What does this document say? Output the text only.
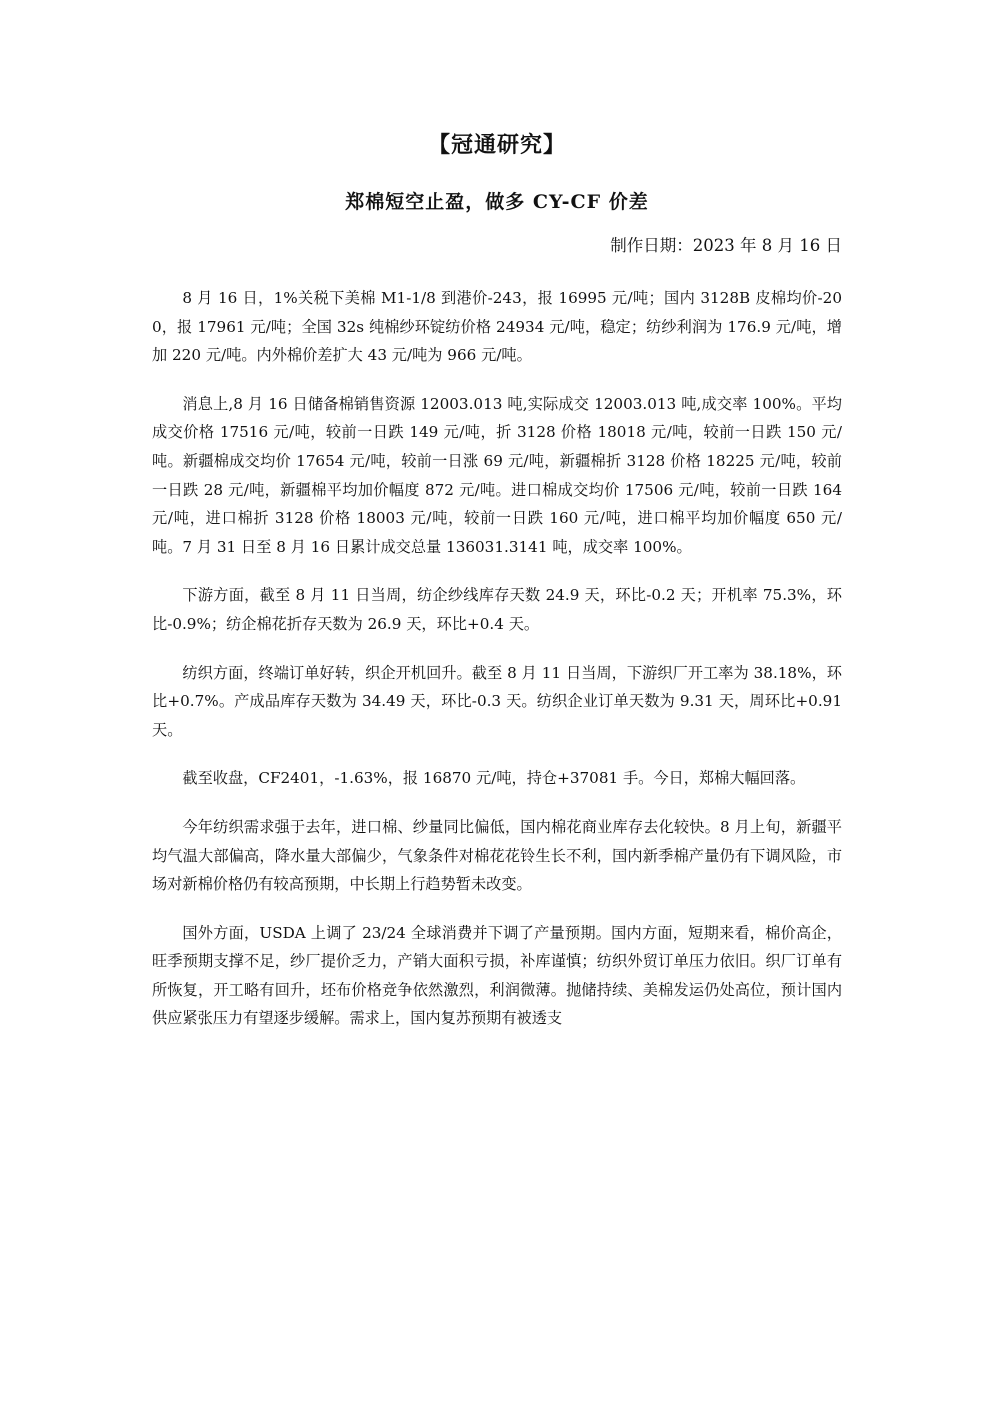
【冠通研究】
郑棉短空止盈，做多 CY-CF 价差
制作日期：2023 年 8 月 16 日

8 月 16 日，1%关税下美棉 M1-1/8 到港价-243，报 16995 元/吨；国内 3128B 皮棉均价-200，报 17961 元/吨；全国 32s 纯棉纱环锭纺价格 24934 元/吨，稳定；纺纱利润为 176.9 元/吨，增加 220 元/吨。内外棉价差扩大 43 元/吨为 966 元/吨。

消息上,8 月 16 日储备棉销售资源 12003.013 吨,实际成交 12003.013 吨,成交率 100%。平均成交价格 17516 元/吨，较前一日跌 149 元/吨，折 3128 价格 18018 元/吨，较前一日跌 150 元/吨。新疆棉成交均价 17654 元/吨，较前一日涨 69 元/吨，新疆棉折 3128 价格 18225 元/吨，较前一日跌 28 元/吨，新疆棉平均加价幅度 872 元/吨。进口棉成交均价 17506 元/吨，较前一日跌 164 元/吨，进口棉折 3128 价格 18003 元/吨，较前一日跌 160 元/吨，进口棉平均加价幅度 650 元/吨。7 月 31 日至 8 月 16 日累计成交总量 136031.3141 吨，成交率 100%。

下游方面，截至 8 月 11 日当周，纺企纱线库存天数 24.9 天，环比-0.2 天；开机率 75.3%，环比-0.9%；纺企棉花折存天数为 26.9 天，环比+0.4 天。

纺织方面，终端订单好转，织企开机回升。截至 8 月 11 日当周，下游织厂开工率为 38.18%，环比+0.7%。产成品库存天数为 34.49 天，环比-0.3 天。纺织企业订单天数为 9.31 天，周环比+0.91 天。

截至收盘，CF2401，-1.63%，报 16870 元/吨，持仓+37081 手。今日，郑棉大幅回落。

今年纺织需求强于去年，进口棉、纱量同比偏低，国内棉花商业库存去化较快。8 月上旬，新疆平均气温大部偏高，降水量大部偏少，气象条件对棉花花铃生长不利，国内新季棉产量仍有下调风险，市场对新棉价格仍有较高预期，中长期上行趋势暂未改变。

国外方面，USDA 上调了 23/24 全球消费并下调了产量预期。国内方面，短期来看，棉价高企，旺季预期支撑不足，纱厂提价乏力，产销大面积亏损，补库谨慎；纺织外贸订单压力依旧。织厂订单有所恢复，开工略有回升，坯布价格竞争依然激烈，利润微薄。抛储持续、美棉发运仍处高位，预计国内供应紧张压力有望逐步缓解。需求上，国内复苏预期有被透支
